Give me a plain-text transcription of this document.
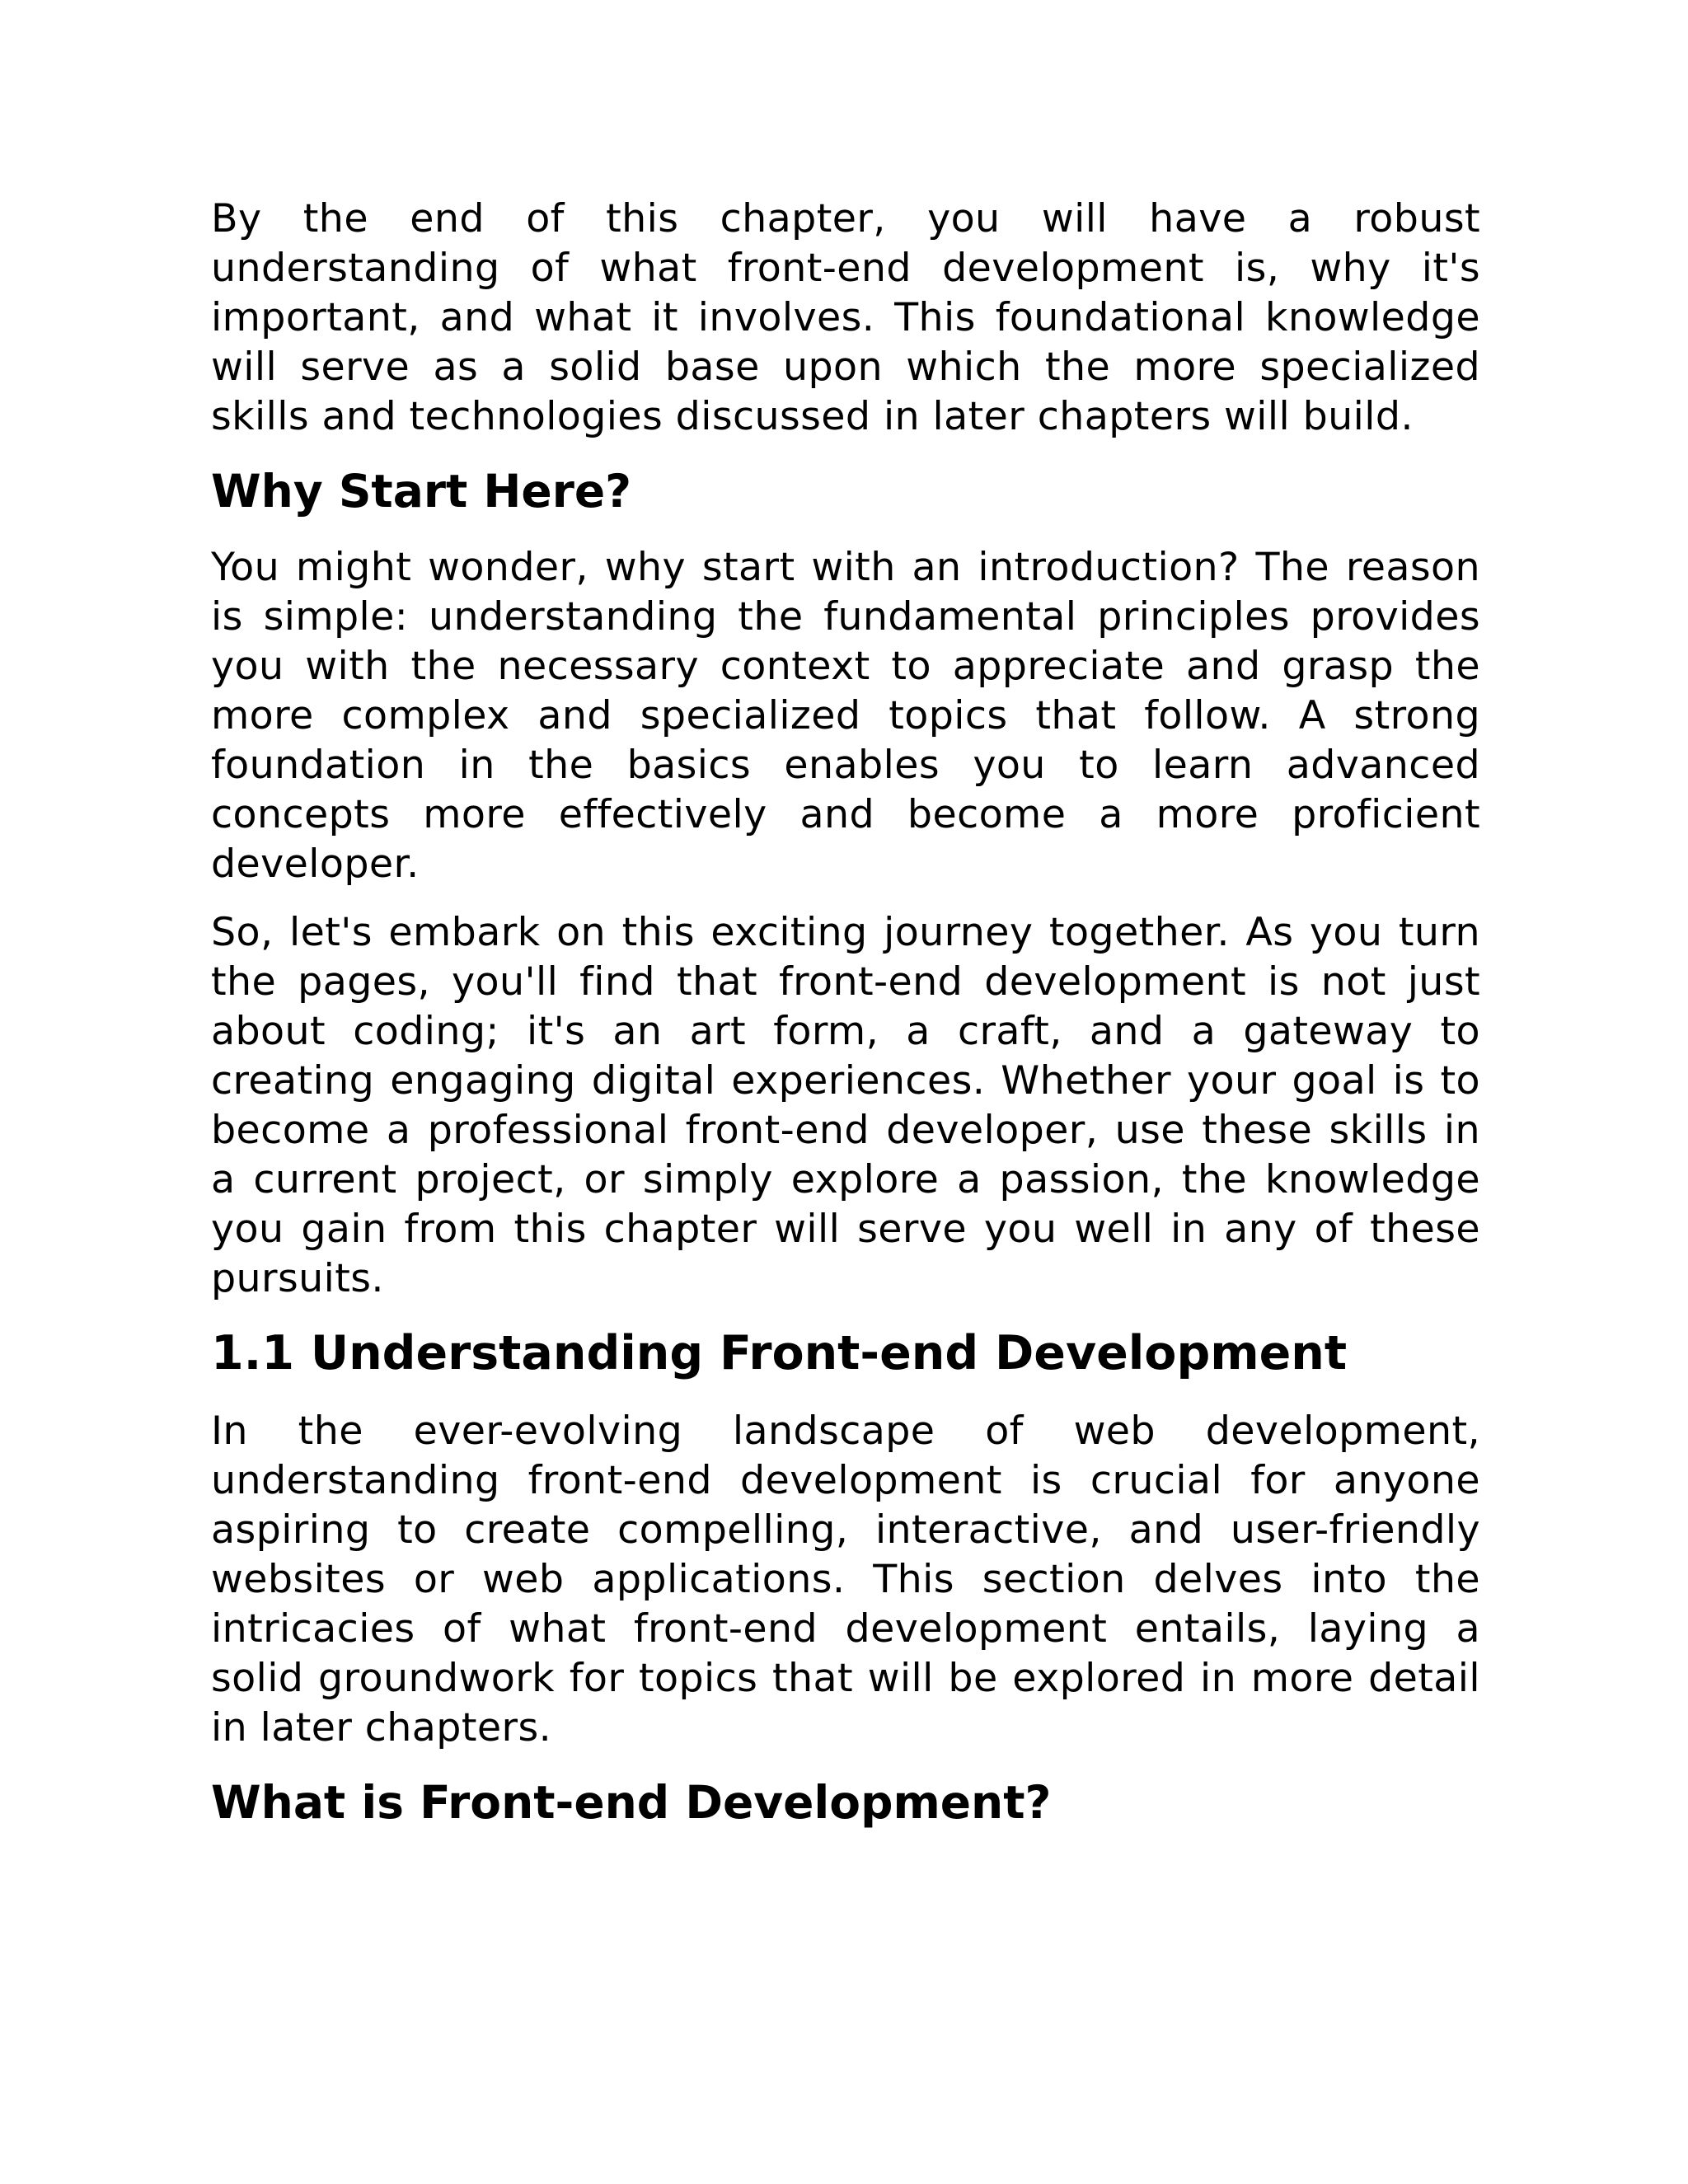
By the end of this chapter, you will have a robust understanding of what front-end development is, why it's important, and what it involves. This foundational knowledge will serve as a solid base upon which the more specialized skills and technologies discussed in later chapters will build.

Why Start Here?

You might wonder, why start with an introduction? The reason is simple: understanding the fundamental principles provides you with the necessary context to appreciate and grasp the more complex and specialized topics that follow. A strong foundation in the basics enables you to learn advanced concepts more effectively and become a more proficient developer.

So, let's embark on this exciting journey together. As you turn the pages, you'll find that front-end development is not just about coding; it's an art form, a craft, and a gateway to creating engaging digital experiences. Whether your goal is to become a professional front-end developer, use these skills in a current project, or simply explore a passion, the knowledge you gain from this chapter will serve you well in any of these pursuits.

1.1 Understanding Front-end Development

In the ever-evolving landscape of web development, understanding front-end development is crucial for anyone aspiring to create compelling, interactive, and user-friendly websites or web applications. This section delves into the intricacies of what front-end development entails, laying a solid groundwork for topics that will be explored in more detail in later chapters.

What is Front-end Development?
